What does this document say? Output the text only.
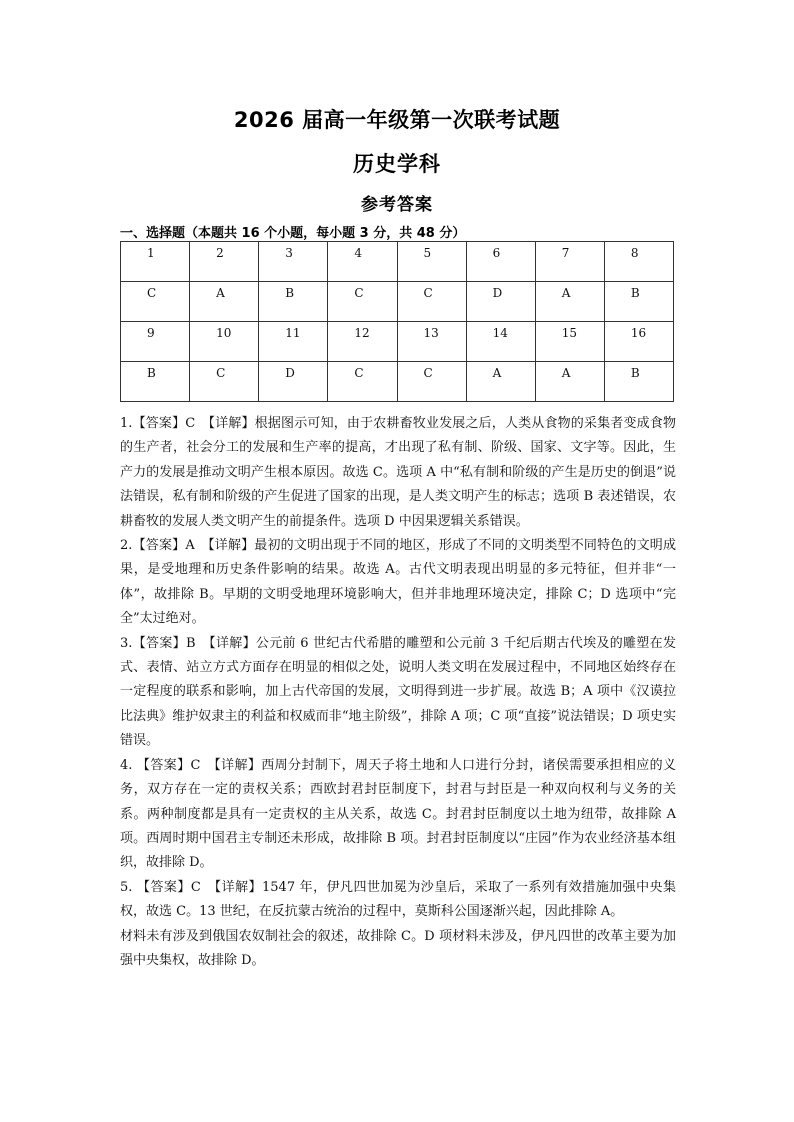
2026 届高一年级第一次联考试题
历史学科
参考答案
一、选择题（本题共 16 个小题，每小题 3 分，共 48 分）
1	2	3	4	5	6	7	8
C	A	B	C	C	D	A	B
9	10	11	12	13	14	15	16
B	C	D	C	C	A	A	B

1.【答案】C　【详解】根据图示可知，由于农耕畜牧业发展之后，人类从食物的采集者变成食物的生产者，社会分工的发展和生产率的提高，才出现了私有制、阶级、国家、文字等。因此，生产力的发展是推动文明产生根本原因。故选 C。选项 A 中“私有制和阶级的产生是历史的倒退”说法错误，私有制和阶级的产生促进了国家的出现，是人类文明产生的标志；选项 B 表述错误，农耕畜牧的发展人类文明产生的前提条件。选项 D 中因果逻辑关系错误。

2.【答案】A　【详解】最初的文明出现于不同的地区，形成了不同的文明类型不同特色的文明成果，是受地理和历史条件影响的结果。故选 A。古代文明表现出明显的多元特征，但并非“一体”，故排除 B。早期的文明受地理环境影响大，但并非地理环境决定，排除 C；D 选项中“完全”太过绝对。

3.【答案】B　【详解】公元前 6 世纪古代希腊的雕塑和公元前 3 千纪后期古代埃及的雕塑在发式、表情、站立方式方面存在明显的相似之处，说明人类文明在发展过程中，不同地区始终存在一定程度的联系和影响，加上古代帝国的发展，文明得到进一步扩展。故选 B；A 项中《汉谟拉比法典》维护奴隶主的利益和权威而非“地主阶级”，排除 A 项；C 项“直接”说法错误；D 项史实错误。

4. 【答案】C　【详解】西周分封制下，周天子将土地和人口进行分封，诸侯需要承担相应的义务，双方存在一定的责权关系；西欧封君封臣制度下，封君与封臣是一种双向权利与义务的关系。两种制度都是具有一定责权的主从关系，故选 C。封君封臣制度以土地为纽带，故排除 A 项。西周时期中国君主专制还未形成，故排除 B 项。封君封臣制度以“庄园”作为农业经济基本组织，故排除 D。

5. 【答案】C　【详解】1547 年，伊凡四世加冕为沙皇后，采取了一系列有效措施加强中央集权，故选 C。13 世纪，在反抗蒙古统治的过程中，莫斯科公国逐渐兴起，因此排除 A。

材料未有涉及到俄国农奴制社会的叙述，故排除 C。D 项材料未涉及，伊凡四世的改革主要为加强中央集权，故排除 D。
